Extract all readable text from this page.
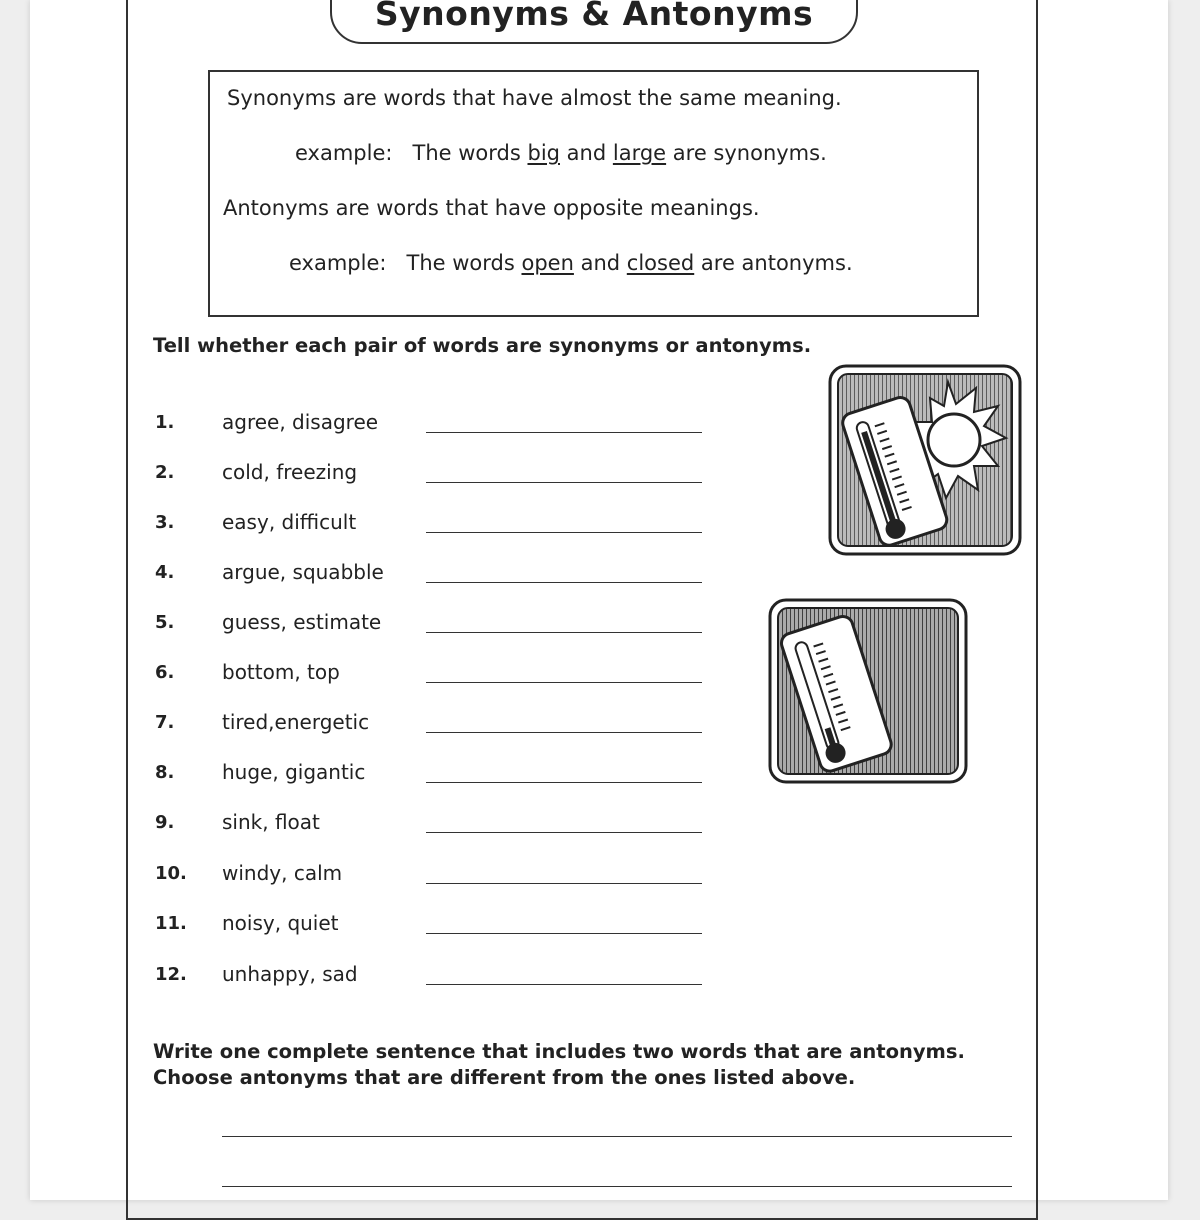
Synonyms & Antonyms
Synonyms are words that have almost the same meaning.
example: The words big and large are synonyms.
Antonyms are words that have opposite meanings.
example: The words open and closed are antonyms.
Tell whether each pair of words are synonyms or antonyms.
1. agree, disagree
2. cold, freezing
3. easy, difficult
4. argue, squabble
5. guess, estimate
6. bottom, top
7. tired,energetic
8. huge, gigantic
9. sink, float
10. windy, calm
11. noisy, quiet
12. unhappy, sad
Write one complete sentence that includes two words that are antonyms.
Choose antonyms that are different from the ones listed above.
